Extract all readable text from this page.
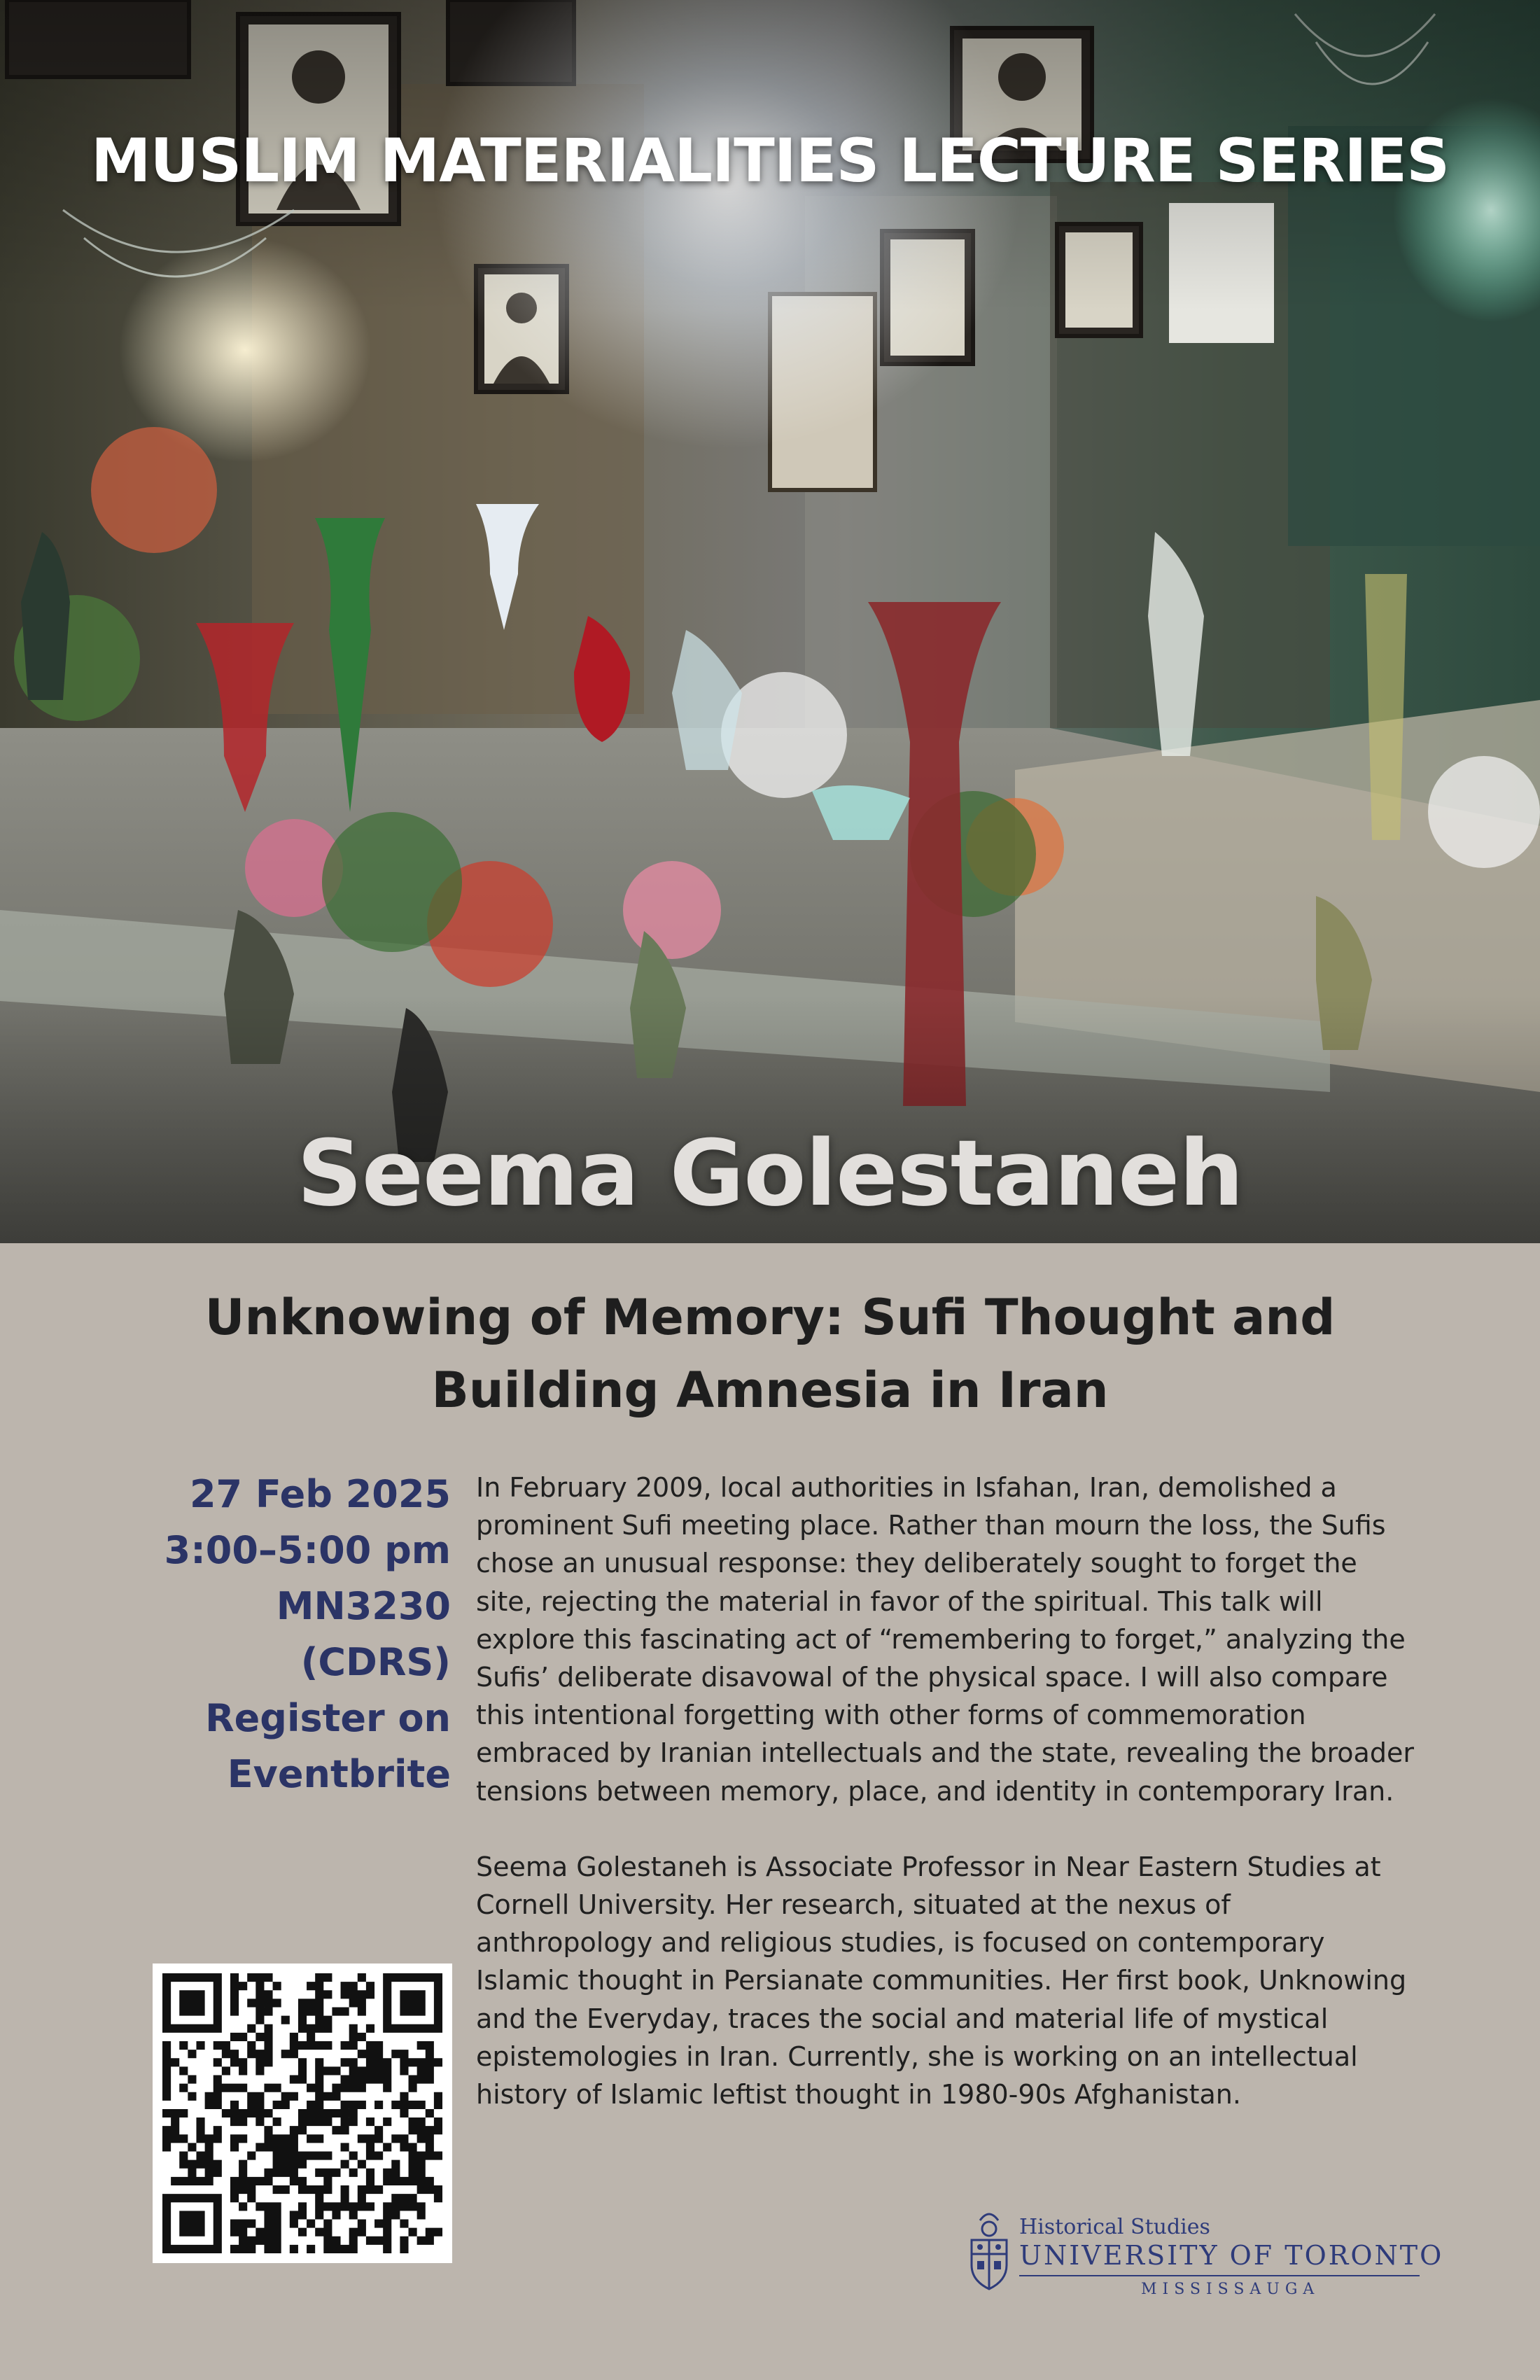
MUSLIM MATERIALITIES LECTURE SERIES
Seema Golestaneh
Unknowing of Memory: Sufi Thought and
Building Amnesia in Iran
27 Feb 2025
3:00–5:00 pm
MN3230
(CDRS)
Register on
Eventbrite

In February 2009, local authorities in Isfahan, Iran, demolished a prominent Sufi meeting place. Rather than mourn the loss, the Sufis chose an unusual response: they deliberately sought to forget the site, rejecting the material in favor of the spiritual. This talk will explore this fascinating act of “remembering to forget,” analyzing the Sufis’ deliberate disavowal of the physical space. I will also compare this intentional forgetting with other forms of commemoration embraced by Iranian intellectuals and the state, revealing the broader tensions between memory, place, and identity in contemporary Iran.

Seema Golestaneh is Associate Professor in Near Eastern Studies at Cornell University. Her research, situated at the nexus of anthropology and religious studies, is focused on contemporary Islamic thought in Persianate communities. Her first book, Unknowing and the Everyday, traces the social and material life of mystical epistemologies in Iran. Currently, she is working on an intellectual history of Islamic leftist thought in 1980-90s Afghanistan.

Historical Studies
UNIVERSITY OF TORONTO
MISSISSAUGA
